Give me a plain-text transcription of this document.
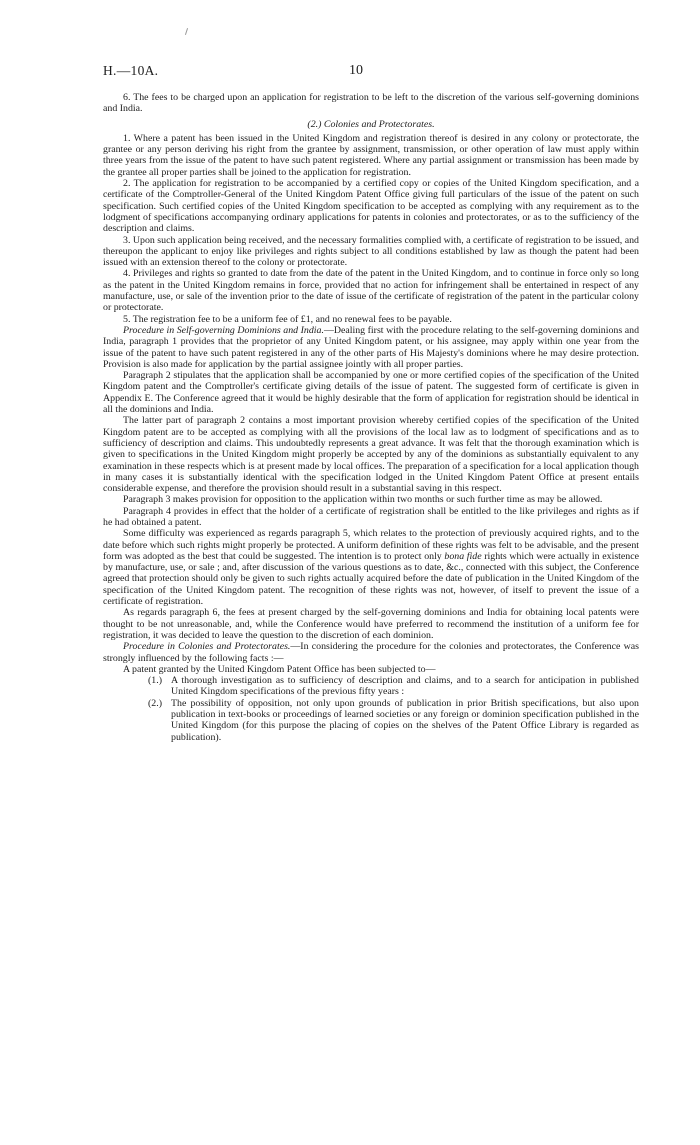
H.—10A.	10

6. The fees to be charged upon an application for registration to be left to the discretion of the various self-governing dominions and India.

(2.) Colonies and Protectorates.

1. Where a patent has been issued in the United Kingdom and registration thereof is desired in any colony or protectorate, the grantee or any person deriving his right from the grantee by assignment, transmission, or other operation of law must apply within three years from the issue of the patent to have such patent registered. Where any partial assignment or transmission has been made by the grantee all proper parties shall be joined to the application for registration.

2. The application for registration to be accompanied by a certified copy or copies of the United Kingdom specification, and a certificate of the Comptroller-General of the United Kingdom Patent Office giving full particulars of the issue of the patent on such specification. Such certified copies of the United Kingdom specification to be accepted as complying with any requirement as to the lodgment of specifications accompanying ordinary applications for patents in colonies and protectorates, or as to the sufficiency of the description and claims.

3. Upon such application being received, and the necessary formalities complied with, a certificate of registration to be issued, and thereupon the applicant to enjoy like privileges and rights subject to all conditions established by law as though the patent had been issued with an extension thereof to the colony or protectorate.

4. Privileges and rights so granted to date from the date of the patent in the United Kingdom, and to continue in force only so long as the patent in the United Kingdom remains in force, provided that no action for infringement shall be entertained in respect of any manufacture, use, or sale of the invention prior to the date of issue of the certificate of registration of the patent in the particular colony or protectorate.

5. The registration fee to be a uniform fee of £1, and no renewal fees to be payable.

Procedure in Self-governing Dominions and India.—Dealing first with the procedure relating to the self-governing dominions and India, paragraph 1 provides that the proprietor of any United Kingdom patent, or his assignee, may apply within one year from the issue of the patent to have such patent registered in any of the other parts of His Majesty's dominions where he may desire protection. Provision is also made for application by the partial assignee jointly with all proper parties.

Paragraph 2 stipulates that the application shall be accompanied by one or more certified copies of the specification of the United Kingdom patent and the Comptroller's certificate giving details of the issue of patent. The suggested form of certificate is given in Appendix E. The Conference agreed that it would be highly desirable that the form of application for registration should be identical in all the dominions and India.

The latter part of paragraph 2 contains a most important provision whereby certified copies of the specification of the United Kingdom patent are to be accepted as complying with all the provisions of the local law as to lodgment of specifications and as to sufficiency of description and claims. This undoubtedly represents a great advance. It was felt that the thorough examination which is given to specifications in the United Kingdom might properly be accepted by any of the dominions as substantially equivalent to any examination in these respects which is at present made by local offices. The preparation of a specification for a local application though in many cases it is substantially identical with the specification lodged in the United Kingdom Patent Office at present entails considerable expense, and therefore the provision should result in a substantial saving in this respect.

Paragraph 3 makes provision for opposition to the application within two months or such further time as may be allowed.

Paragraph 4 provides in effect that the holder of a certificate of registration shall be entitled to the like privileges and rights as if he had obtained a patent.

Some difficulty was experienced as regards paragraph 5, which relates to the protection of previously acquired rights, and to the date before which such rights might properly be protected. A uniform definition of these rights was felt to be advisable, and the present form was adopted as the best that could be suggested. The intention is to protect only bona fide rights which were actually in existence by manufacture, use, or sale ; and, after discussion of the various questions as to date, &c., connected with this subject, the Conference agreed that protection should only be given to such rights actually acquired before the date of publication in the United Kingdom of the specification of the United Kingdom patent. The recognition of these rights was not, however, of itself to prevent the issue of a certificate of registration.

As regards paragraph 6, the fees at present charged by the self-governing dominions and India for obtaining local patents were thought to be not unreasonable, and, while the Conference would have preferred to recommend the institution of a uniform fee for registration, it was decided to leave the question to the discretion of each dominion.

Procedure in Colonies and Protectorates.—In considering the procedure for the colonies and protectorates, the Conference was strongly influenced by the following facts :—

A patent granted by the United Kingdom Patent Office has been subjected to—

(1.) A thorough investigation as to sufficiency of description and claims, and to a search for anticipation in published United Kingdom specifications of the previous fifty years :

(2.) The possibility of opposition, not only upon grounds of publication in prior British specifications, but also upon publication in text-books or proceedings of learned societies or any foreign or dominion specification published in the United Kingdom (for this purpose the placing of copies on the shelves of the Patent Office Library is regarded as publication).
